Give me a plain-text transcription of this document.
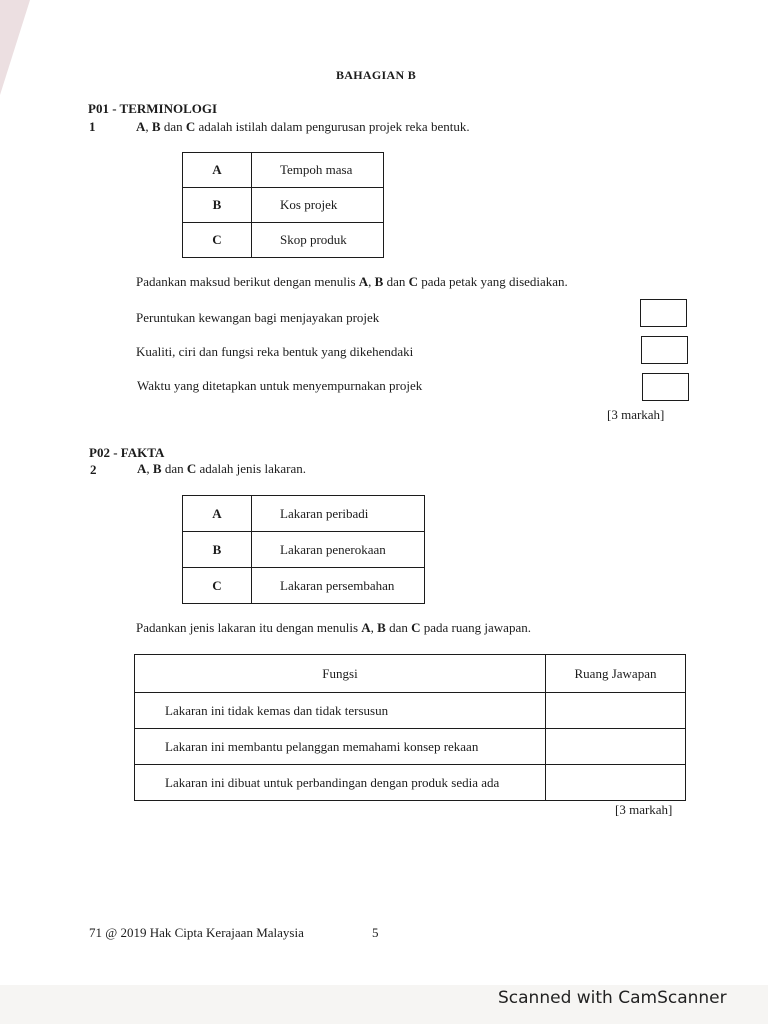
BAHAGIAN B
P01 - TERMINOLOGI
1	A, B dan C adalah istilah dalam pengurusan projek reka bentuk.
A	Tempoh masa
B	Kos projek
C	Skop produk
Padankan maksud berikut dengan menulis A, B dan C pada petak yang disediakan.
Peruntukan kewangan bagi menjayakan projek
Kualiti, ciri dan fungsi reka bentuk yang dikehendaki
Waktu yang ditetapkan untuk menyempurnakan projek
[3 markah]
P02 - FAKTA
2	A, B dan C adalah jenis lakaran.
A	Lakaran peribadi
B	Lakaran penerokaan
C	Lakaran persembahan
Padankan jenis lakaran itu dengan menulis A, B dan C pada ruang jawapan.
Fungsi	Ruang Jawapan
Lakaran ini tidak kemas dan tidak tersusun	
Lakaran ini membantu pelanggan memahami konsep rekaan	
Lakaran ini dibuat untuk perbandingan dengan produk sedia ada	
[3 markah]
71 @ 2019 Hak Cipta Kerajaan Malaysia	5
Scanned with CamScanner
